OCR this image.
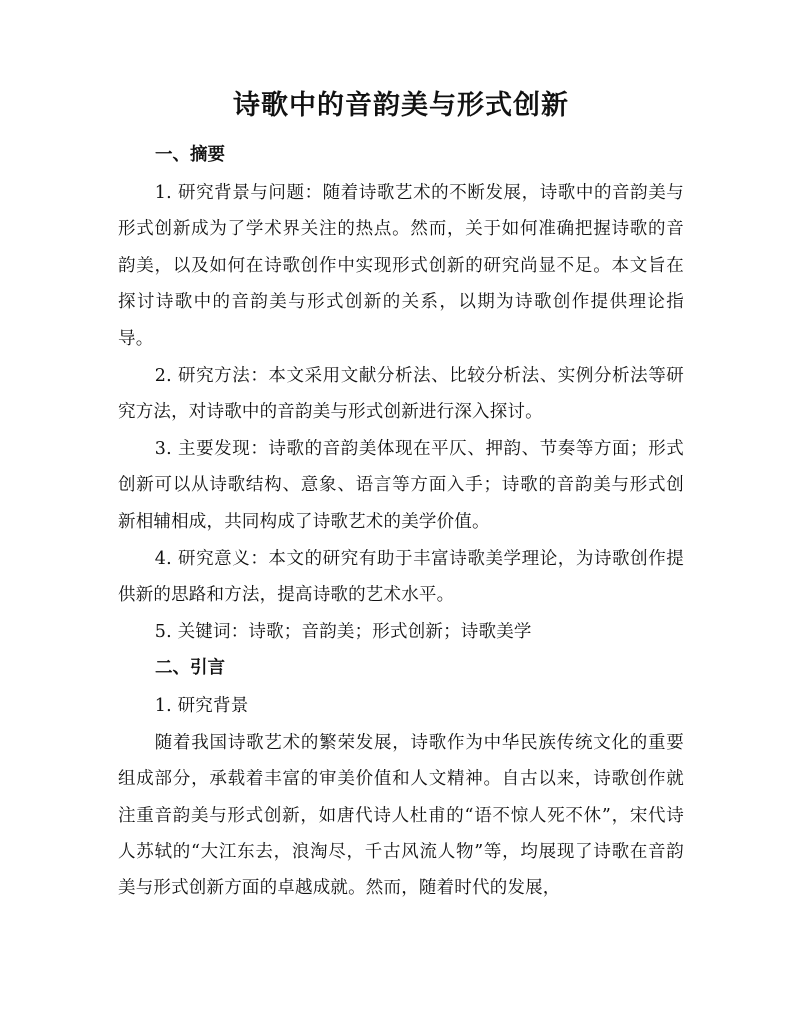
诗歌中的音韵美与形式创新
一、摘要

1. 研究背景与问题：随着诗歌艺术的不断发展，诗歌中的音韵美与形式创新成为了学术界关注的热点。然而，关于如何准确把握诗歌的音韵美，以及如何在诗歌创作中实现形式创新的研究尚显不足。本文旨在探讨诗歌中的音韵美与形式创新的关系，以期为诗歌创作提供理论指导。

2. 研究方法：本文采用文献分析法、比较分析法、实例分析法等研究方法，对诗歌中的音韵美与形式创新进行深入探讨。

3. 主要发现：诗歌的音韵美体现在平仄、押韵、节奏等方面；形式创新可以从诗歌结构、意象、语言等方面入手；诗歌的音韵美与形式创新相辅相成，共同构成了诗歌艺术的美学价值。

4. 研究意义：本文的研究有助于丰富诗歌美学理论，为诗歌创作提供新的思路和方法，提高诗歌的艺术水平。

5. 关键词：诗歌；音韵美；形式创新；诗歌美学

二、引言

1. 研究背景

随着我国诗歌艺术的繁荣发展，诗歌作为中华民族传统文化的重要组成部分，承载着丰富的审美价值和人文精神。自古以来，诗歌创作就注重音韵美与形式创新，如唐代诗人杜甫的“语不惊人死不休”，宋代诗人苏轼的“大江东去，浪淘尽，千古风流人物”等，均展现了诗歌在音韵美与形式创新方面的卓越成就。然而，随着时代的发展，
